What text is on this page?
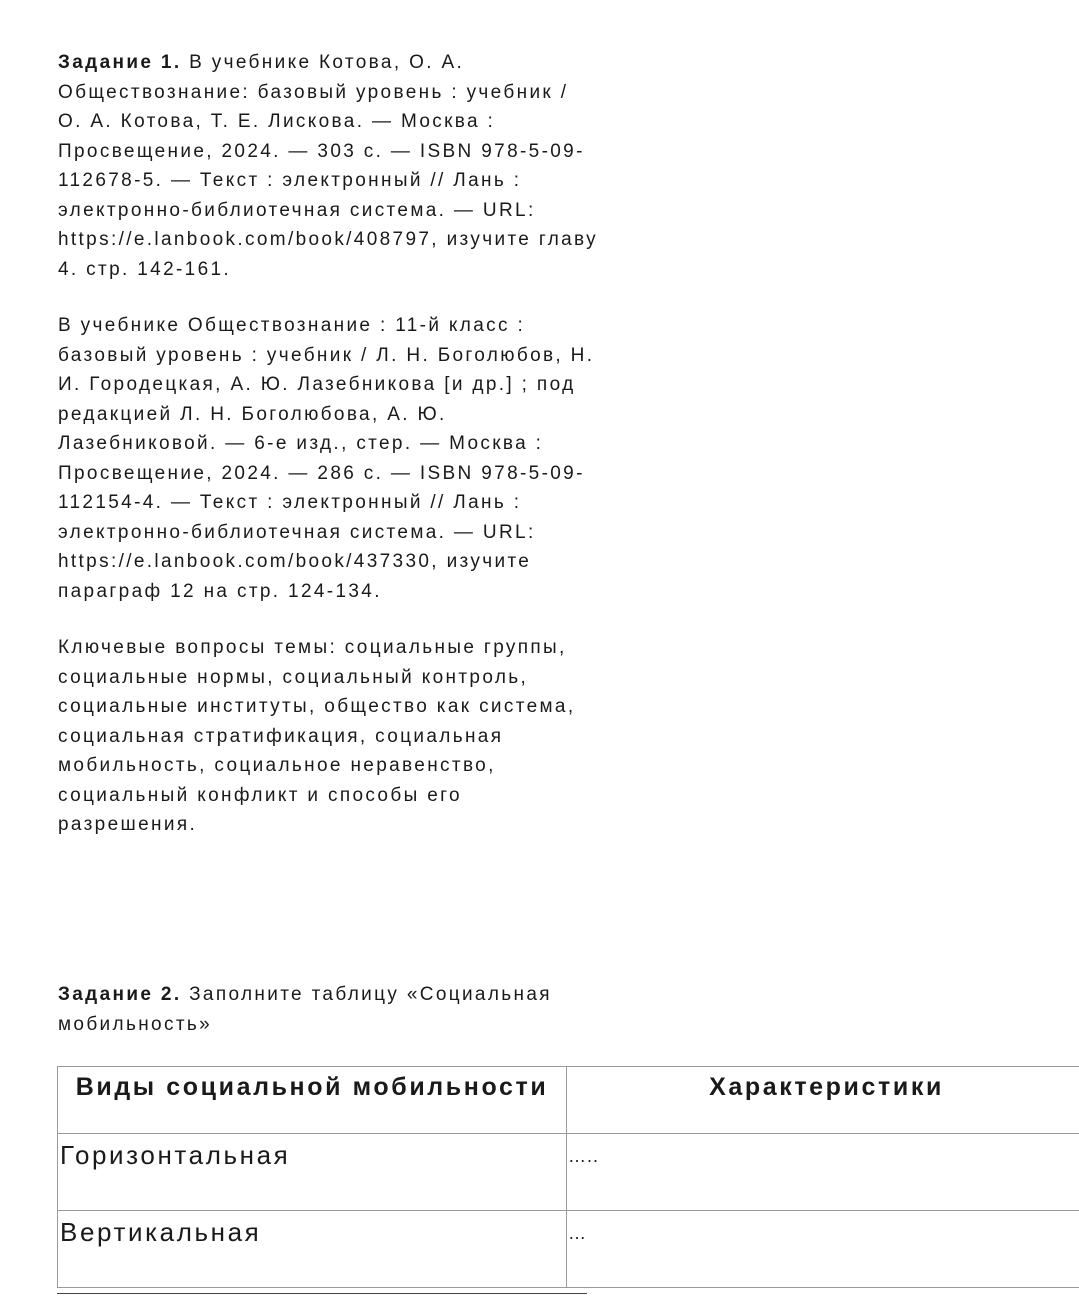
Задание 1. В учебнике Котова, О. А. Обществознание: базовый уровень : учебник / О. А. Котова, Т. Е. Лискова. — Москва : Просвещение, 2024. — 303 с. — ISBN 978-5-09-112678-5. — Текст : электронный // Лань : электронно-библиотечная система. — URL: https://e.lanbook.com/book/408797, изучите главу 4. стр. 142-161.

В учебнике Обществознание : 11-й класс : базовый уровень : учебник / Л. Н. Боголюбов, Н. И. Городецкая, А. Ю. Лазебникова [и др.] ; под редакцией Л. Н. Боголюбова, А. Ю. Лазебниковой. — 6-е изд., стер. — Москва : Просвещение, 2024. — 286 с. — ISBN 978-5-09-112154-4. — Текст : электронный // Лань : электронно-библиотечная система. — URL: https://e.lanbook.com/book/437330, изучите параграф 12 на стр. 124-134.

Ключевые вопросы темы: социальные группы, социальные нормы, социальный контроль, социальные институты, общество как система, социальная стратификация, социальная мобильность, социальное неравенство, социальный конфликт и способы его разрешения.

Задание 2. Заполните таблицу «Социальная мобильность»

Виды социальной мобильности	Характеристики
Горизонтальная	…..
Вертикальная	…
